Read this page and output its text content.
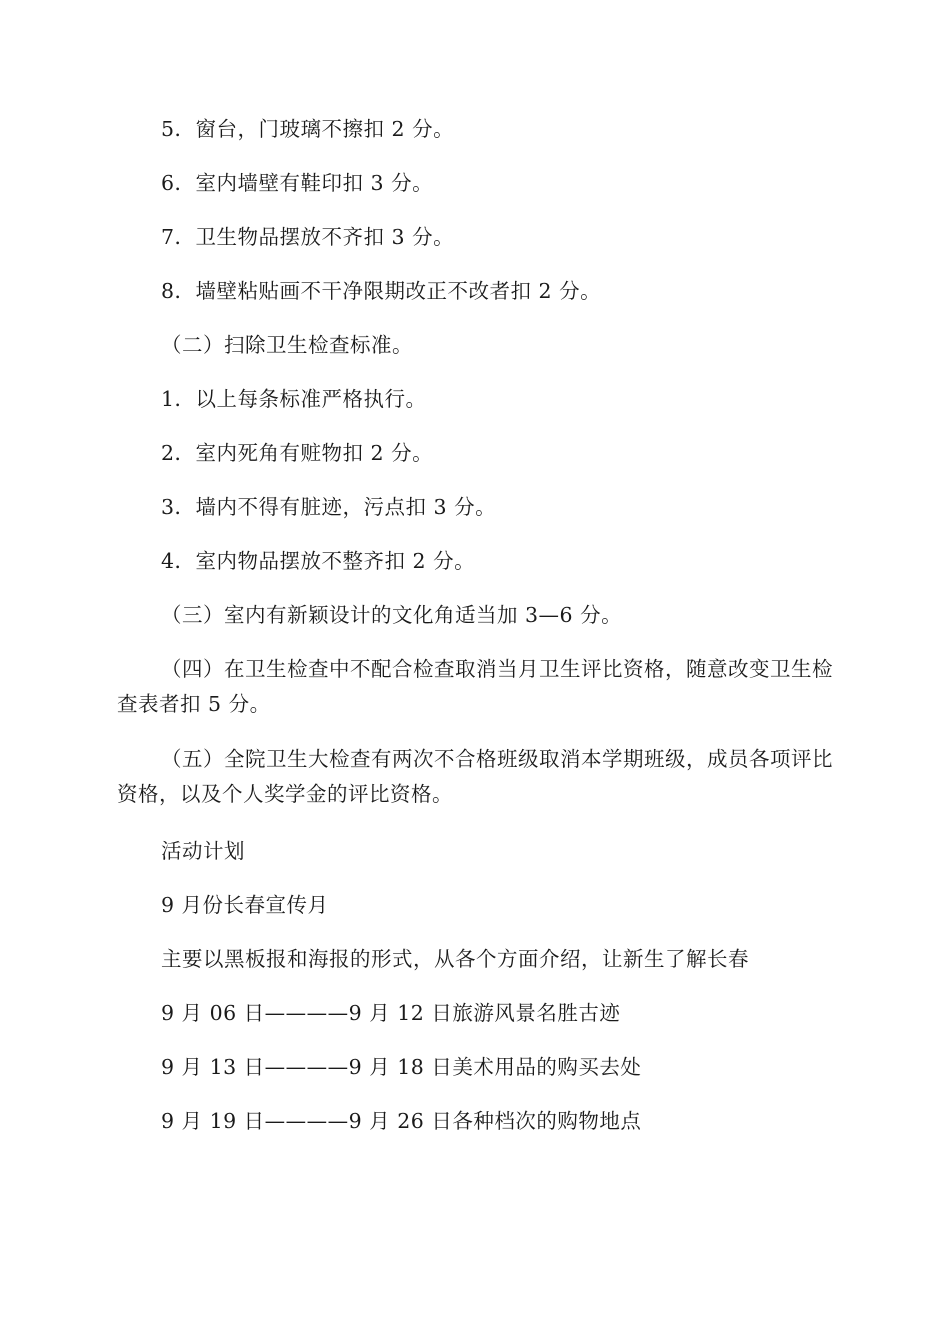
5．窗台，门玻璃不擦扣 2 分。

6．室内墙壁有鞋印扣 3 分。

7．卫生物品摆放不齐扣 3 分。

8．墙壁粘贴画不干净限期改正不改者扣 2 分。

（二）扫除卫生检查标准。

1．以上每条标准严格执行。

2．室内死角有赃物扣 2 分。

3．墙内不得有脏迹，污点扣 3 分。

4．室内物品摆放不整齐扣 2 分。

（三）室内有新颖设计的文化角适当加 3—6 分。

（四）在卫生检查中不配合检查取消当月卫生评比资格，随意改变卫生检查表者扣 5 分。

（五）全院卫生大检查有两次不合格班级取消本学期班级，成员各项评比资格，以及个人奖学金的评比资格。

活动计划

9 月份长春宣传月

主要以黑板报和海报的形式，从各个方面介绍，让新生了解长春

9 月 06 日————9 月 12 日旅游风景名胜古迹

9 月 13 日————9 月 18 日美术用品的购买去处

9 月 19 日————9 月 26 日各种档次的购物地点
